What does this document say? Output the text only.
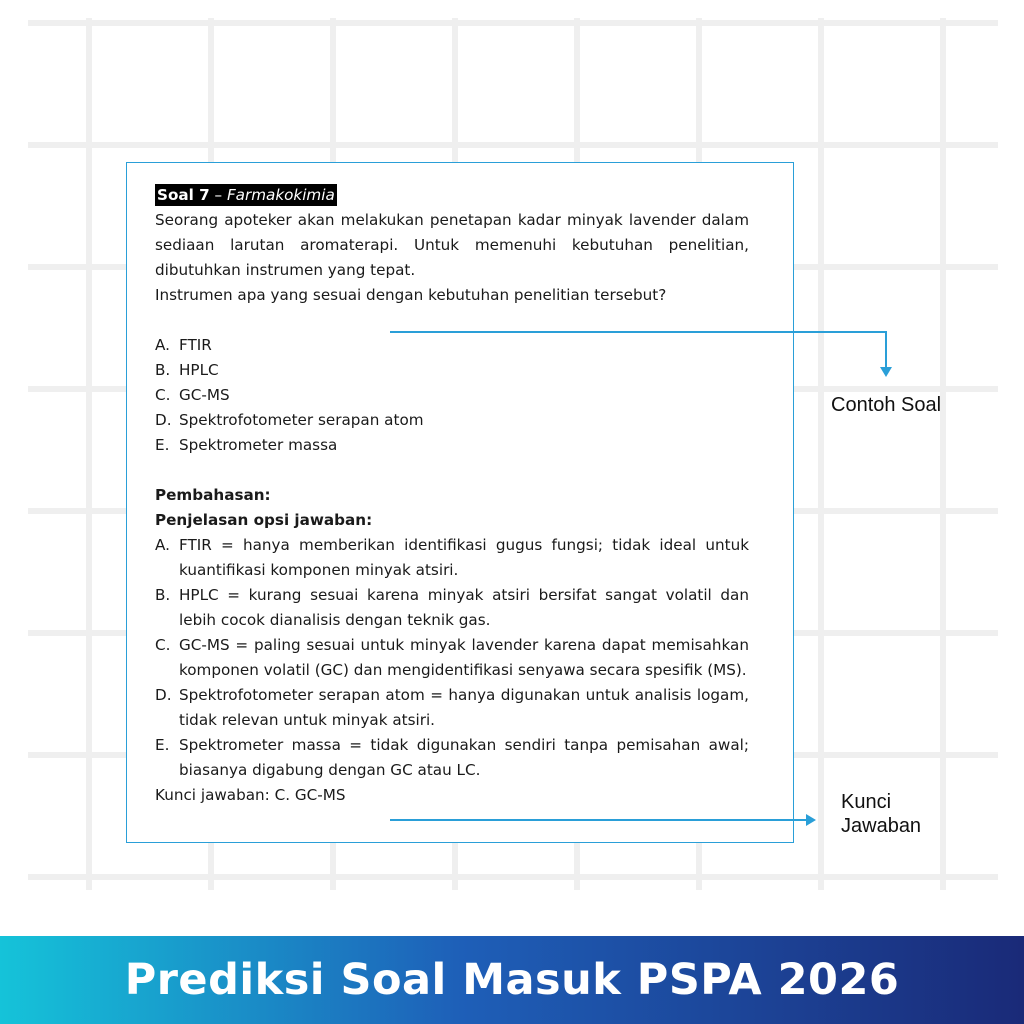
Soal 7 – Farmakokimia

Seorang apoteker akan melakukan penetapan kadar minyak lavender dalam sediaan larutan aromaterapi. Untuk memenuhi kebutuhan penelitian, dibutuhkan instrumen yang tepat.

Instrumen apa yang sesuai dengan kebutuhan penelitian tersebut?

A. FTIR
B. HPLC
C. GC-MS
D. Spektrofotometer serapan atom
E. Spektrometer massa
Pembahasan:
Penjelasan opsi jawaban:
A. FTIR = hanya memberikan identifikasi gugus fungsi; tidak ideal untuk kuantifikasi komponen minyak atsiri.
B. HPLC = kurang sesuai karena minyak atsiri bersifat sangat volatil dan lebih cocok dianalisis dengan teknik gas.
C. GC-MS = paling sesuai untuk minyak lavender karena dapat memisahkan komponen volatil (GC) dan mengidentifikasi senyawa secara spesifik (MS).
D. Spektrofotometer serapan atom = hanya digunakan untuk analisis logam, tidak relevan untuk minyak atsiri.
E. Spektrometer massa = tidak digunakan sendiri tanpa pemisahan awal; biasanya digabung dengan GC atau LC.
Kunci jawaban: C. GC-MS
Contoh Soal
Kunci
Jawaban
Prediksi Soal Masuk PSPA 2026
